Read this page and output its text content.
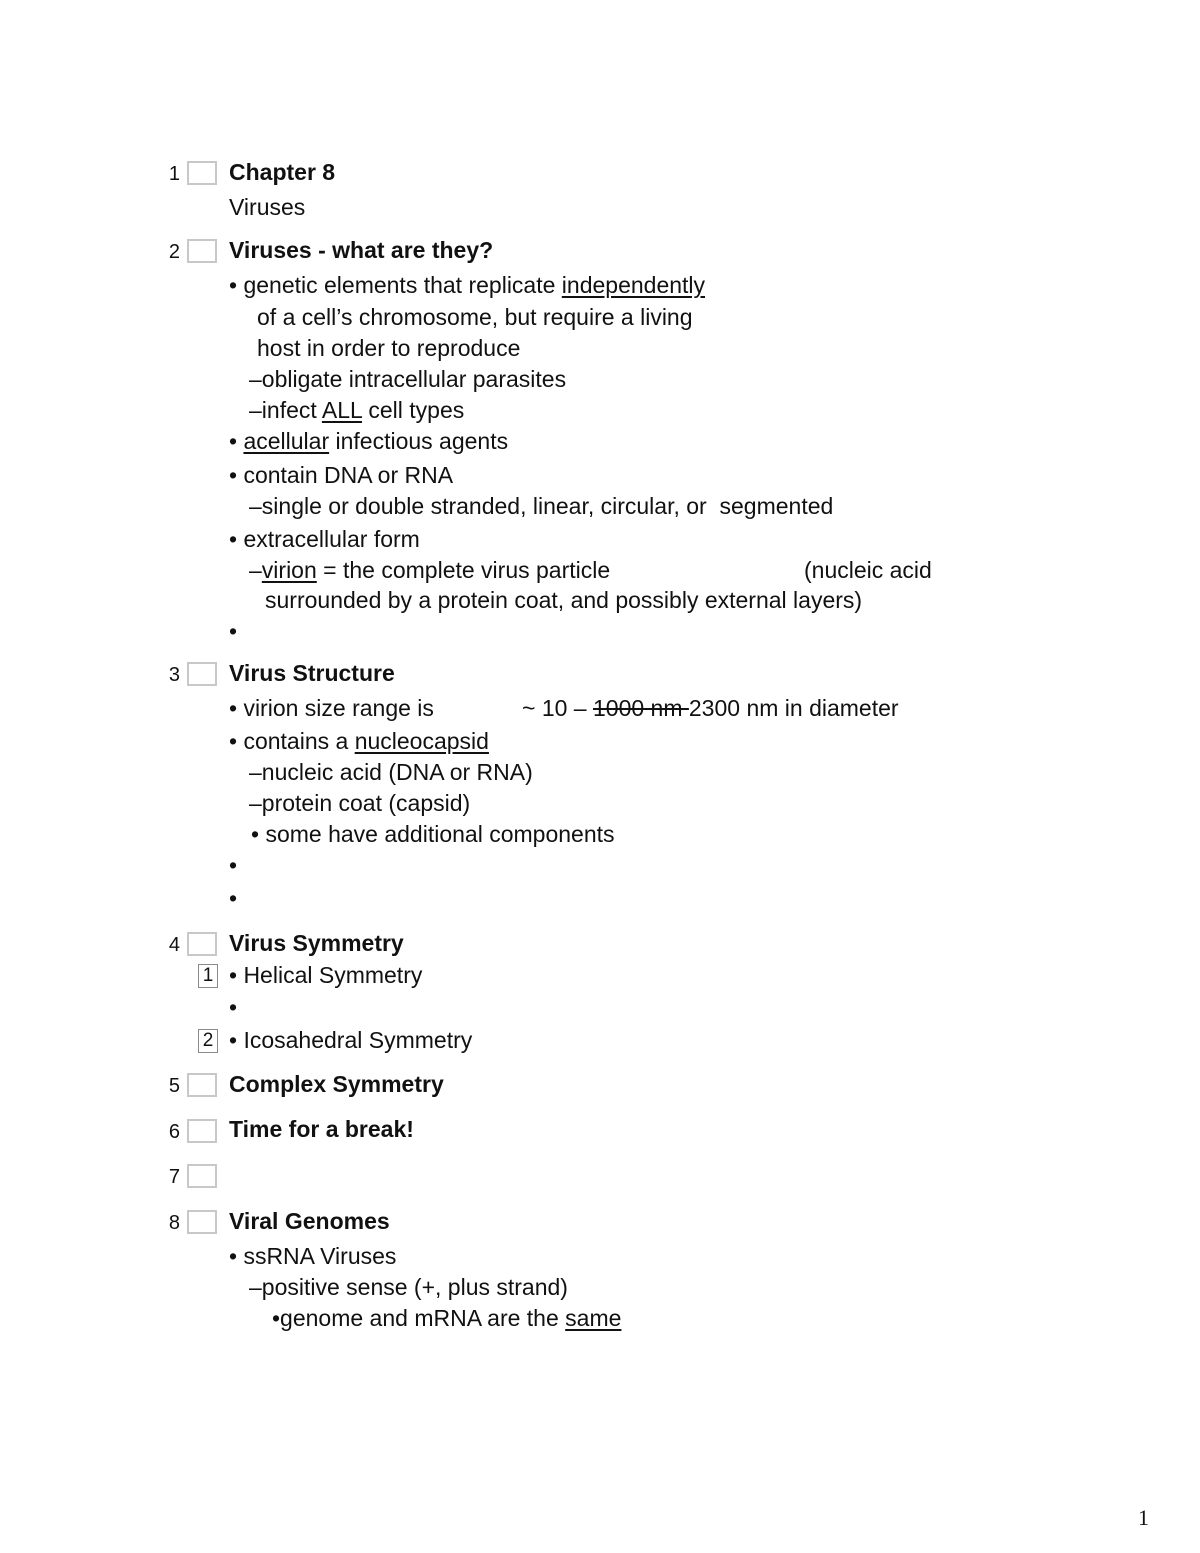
1 Chapter 8
Viruses
2 Viruses - what are they?
• genetic elements that replicate independently
of a cell’s chromosome, but require a living
host in order to reproduce
–obligate intracellular parasites
–infect ALL cell types
• acellular infectious agents
• contain DNA or RNA
–single or double stranded, linear, circular, or  segmented
• extracellular form
–virion = the complete virus particle	(nucleic acid
surrounded by a protein coat, and possibly external layers)
•
3 Virus Structure
• virion size range is	~ 10 – 1000 nm 2300 nm in diameter
• contains a nucleocapsid
–nucleic acid (DNA or RNA)
–protein coat (capsid)
• some have additional components
•
•
4 Virus Symmetry
1 • Helical Symmetry
•
2 • Icosahedral Symmetry
5 Complex Symmetry
6 Time for a break!
7
8 Viral Genomes
• ssRNA Viruses
–positive sense (+, plus strand)
•genome and mRNA are the same
1
